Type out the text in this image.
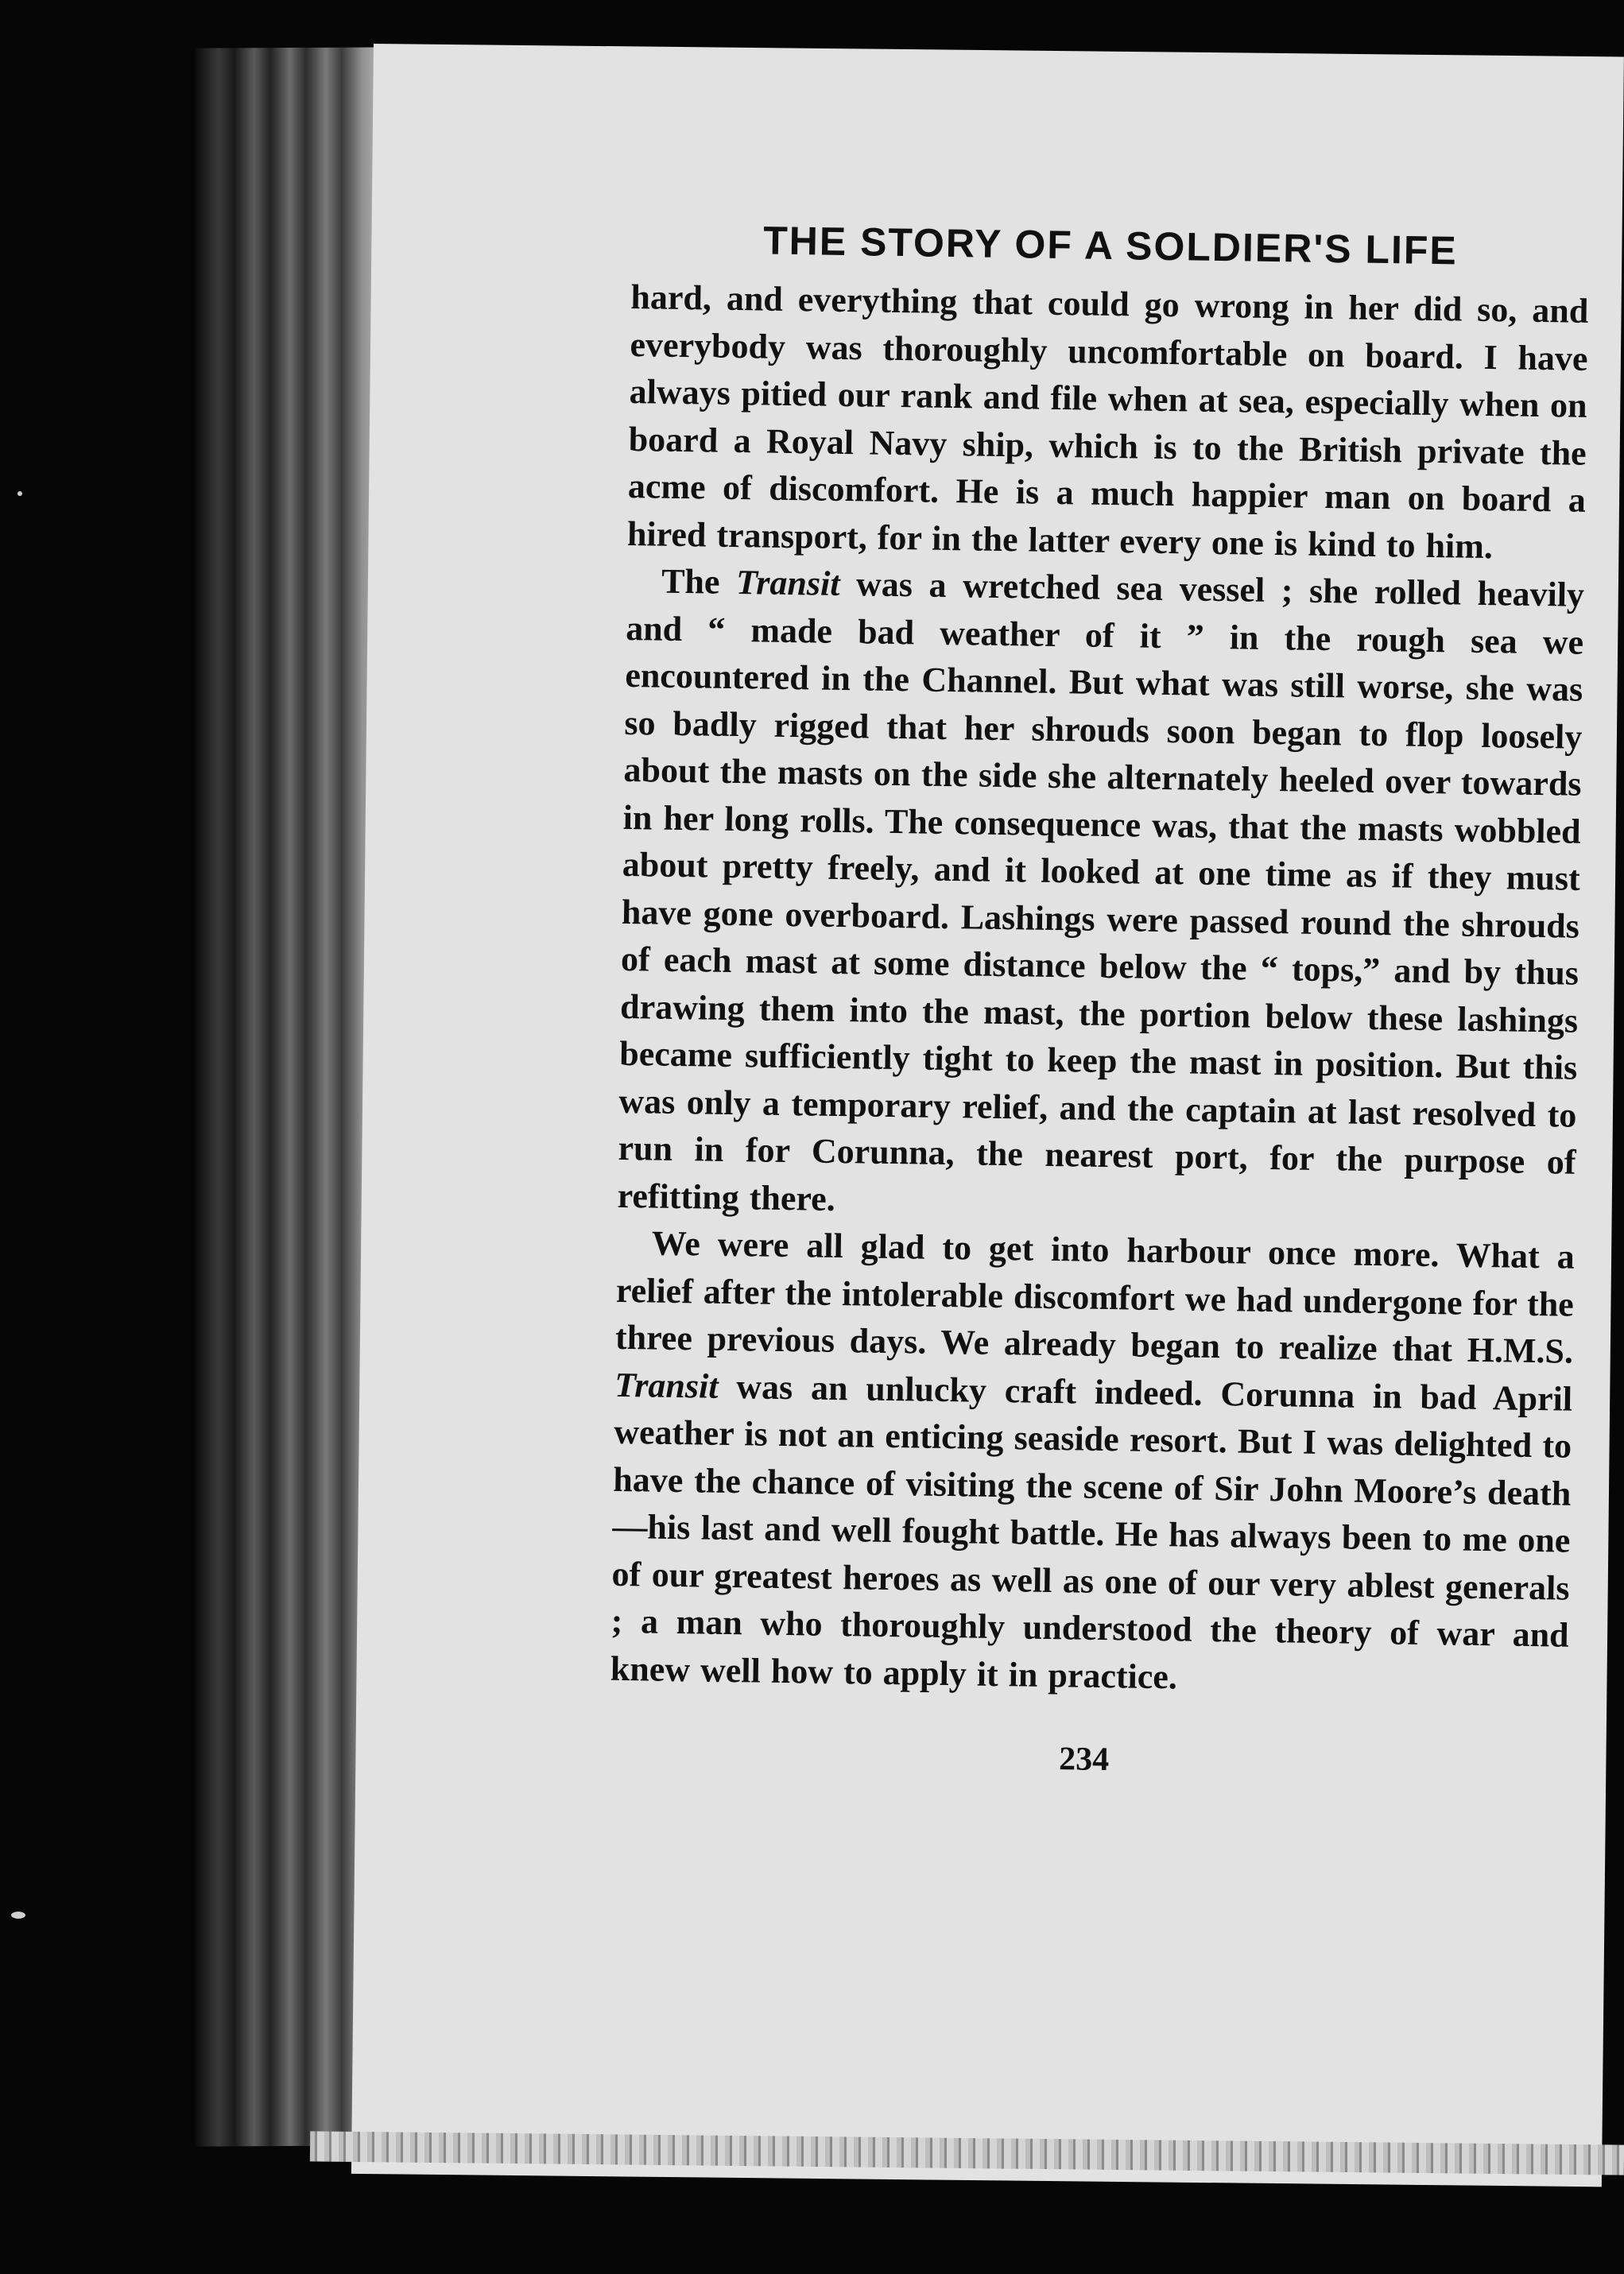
THE STORY OF A SOLDIER'S LIFE

hard, and everything that could go wrong in her did so, and everybody was thoroughly uncomfortable on board. I have always pitied our rank and file when at sea, especially when on board a Royal Navy ship, which is to the British private the acme of discomfort. He is a much happier man on board a hired transport, for in the latter every one is kind to him.

The Transit was a wretched sea vessel ; she rolled heavily and “ made bad weather of it ” in the rough sea we encountered in the Channel. But what was still worse, she was so badly rigged that her shrouds soon began to flop loosely about the masts on the side she alternately heeled over towards in her long rolls. The consequence was, that the masts wobbled about pretty freely, and it looked at one time as if they must have gone overboard. Lashings were passed round the shrouds of each mast at some distance below the “ tops,” and by thus drawing them into the mast, the portion below these lashings became sufficiently tight to keep the mast in position. But this was only a temporary relief, and the captain at last resolved to run in for Corunna, the nearest port, for the purpose of refitting there.

We were all glad to get into harbour once more. What a relief after the intolerable discomfort we had undergone for the three previous days. We already began to realize that H.M.S. Transit was an unlucky craft indeed. Corunna in bad April weather is not an enticing seaside resort. But I was delighted to have the chance of visiting the scene of Sir John Moore’s death—his last and well fought battle. He has always been to me one of our greatest heroes as well as one of our very ablest generals ; a man who thoroughly understood the theory of war and knew well how to apply it in practice.

234
